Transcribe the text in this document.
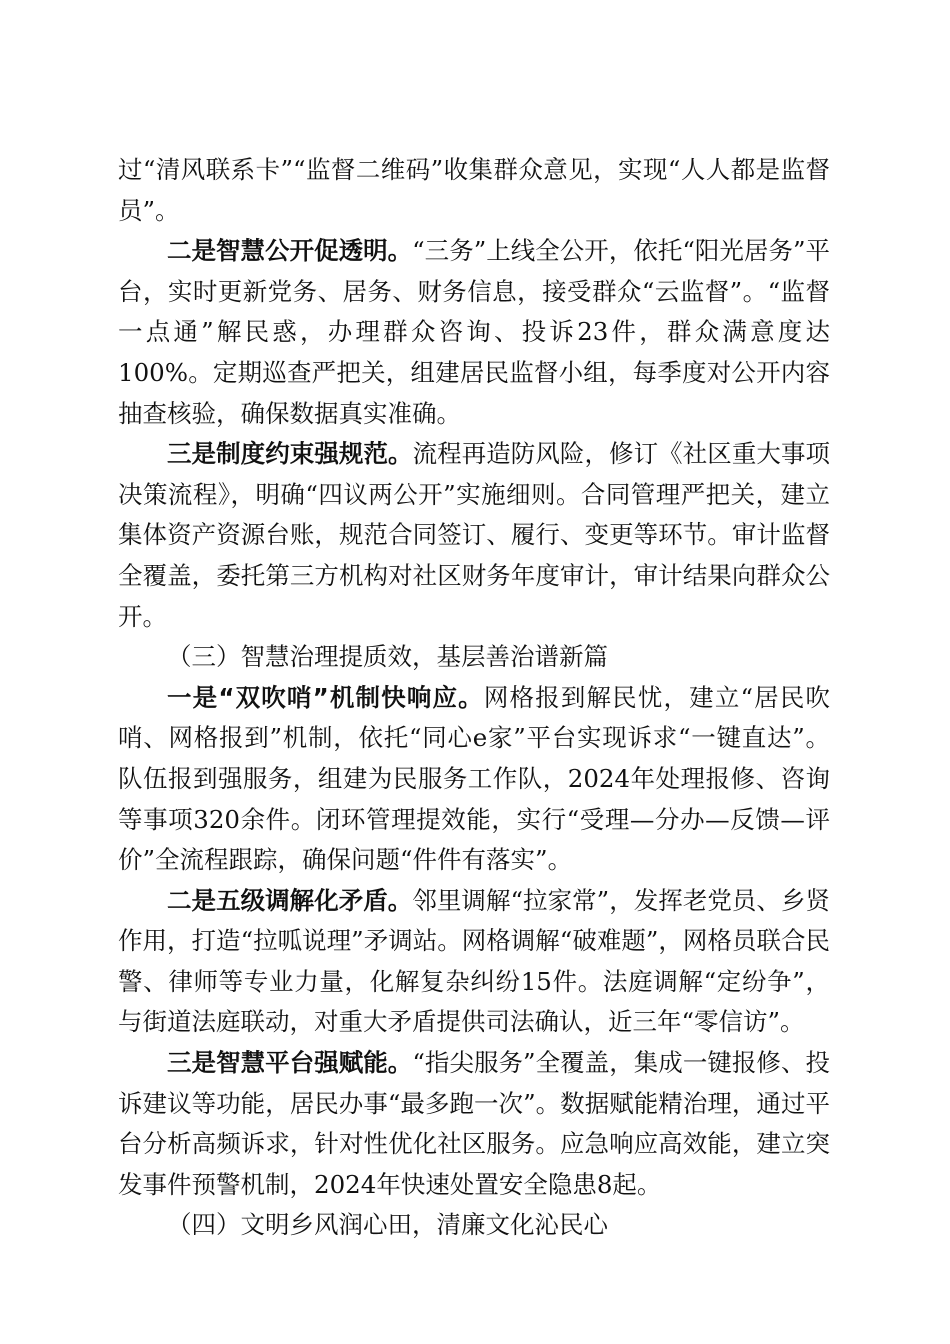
过“清风联系卡”“监督二维码”收集群众意见，实现“人人都是监督员”。

二是智慧公开促透明。“三务”上线全公开，依托“阳光居务”平台，实时更新党务、居务、财务信息，接受群众“云监督”。“监督一点通”解民惑，办理群众咨询、投诉23件，群众满意度达100%。定期巡查严把关，组建居民监督小组，每季度对公开内容抽查核验，确保数据真实准确。

三是制度约束强规范。流程再造防风险，修订《社区重大事项决策流程》，明确“四议两公开”实施细则。合同管理严把关，建立集体资产资源台账，规范合同签订、履行、变更等环节。审计监督全覆盖，委托第三方机构对社区财务年度审计，审计结果向群众公开。

（三）智慧治理提质效，基层善治谱新篇

一是“双吹哨”机制快响应。网格报到解民忧，建立“居民吹哨、网格报到”机制，依托“同心e家”平台实现诉求“一键直达”。队伍报到强服务，组建为民服务工作队，2024年处理报修、咨询等事项320余件。闭环管理提效能，实行“受理—分办—反馈—评价”全流程跟踪，确保问题“件件有落实”。

二是五级调解化矛盾。邻里调解“拉家常”，发挥老党员、乡贤作用，打造“拉呱说理”矛调站。网格调解“破难题”，网格员联合民警、律师等专业力量，化解复杂纠纷15件。法庭调解“定纷争”，与街道法庭联动，对重大矛盾提供司法确认，近三年“零信访”。

三是智慧平台强赋能。“指尖服务”全覆盖，集成一键报修、投诉建议等功能，居民办事“最多跑一次”。数据赋能精治理，通过平台分析高频诉求，针对性优化社区服务。应急响应高效能，建立突发事件预警机制，2024年快速处置安全隐患8起。

（四）文明乡风润心田，清廉文化沁民心
